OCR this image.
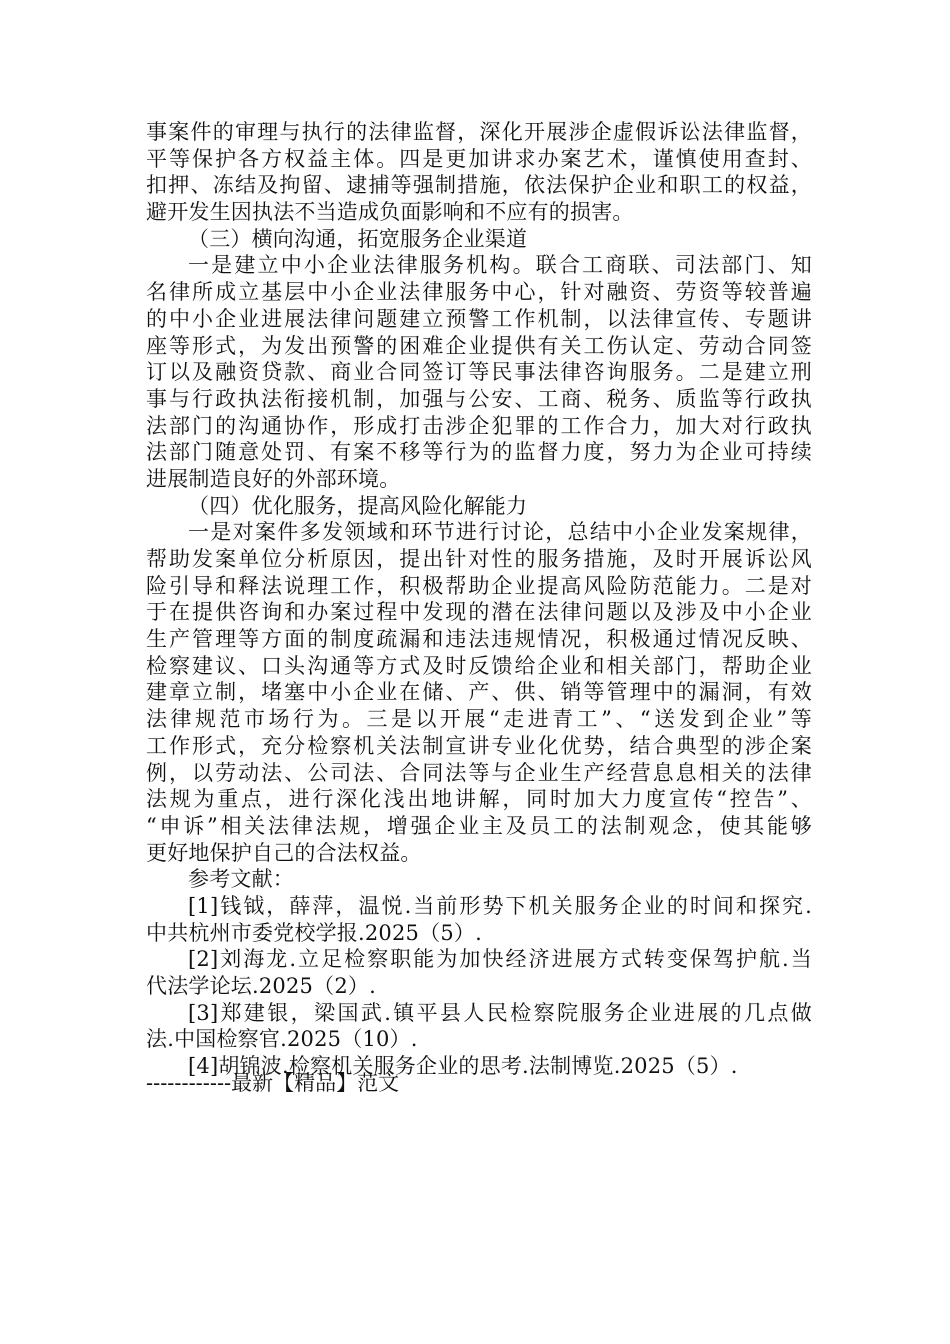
事案件的审理与执行的法律监督，深化开展涉企虚假诉讼法律监督，
平等保护各方权益主体。四是更加讲求办案艺术，谨慎使用查封、
扣押、冻结及拘留、逮捕等强制措施，依法保护企业和职工的权益，
避开发生因执法不当造成负面影响和不应有的损害。
（三）横向沟通，拓宽服务企业渠道
一是建立中小企业法律服务机构。联合工商联、司法部门、知
名律所成立基层中小企业法律服务中心，针对融资、劳资等较普遍
的中小企业进展法律问题建立预警工作机制，以法律宣传、专题讲
座等形式，为发出预警的困难企业提供有关工伤认定、劳动合同签
订以及融资贷款、商业合同签订等民事法律咨询服务。二是建立刑
事与行政执法衔接机制，加强与公安、工商、税务、质监等行政执
法部门的沟通协作，形成打击涉企犯罪的工作合力，加大对行政执
法部门随意处罚、有案不移等行为的监督力度，努力为企业可持续
进展制造良好的外部环境。
（四）优化服务，提高风险化解能力
一是对案件多发领域和环节进行讨论，总结中小企业发案规律，
帮助发案单位分析原因，提出针对性的服务措施，及时开展诉讼风
险引导和释法说理工作，积极帮助企业提高风险防范能力。二是对
于在提供咨询和办案过程中发现的潜在法律问题以及涉及中小企业
生产管理等方面的制度疏漏和违法违规情况，积极通过情况反映、
检察建议、口头沟通等方式及时反馈给企业和相关部门，帮助企业
建章立制，堵塞中小企业在储、产、供、销等管理中的漏洞，有效
法律规范市场行为。三是以开展“走进青工”、“送发到企业”等
工作形式，充分检察机关法制宣讲专业化优势，结合典型的涉企案
例，以劳动法、公司法、合同法等与企业生产经营息息相关的法律
法规为重点，进行深化浅出地讲解，同时加大力度宣传“控告”、
“申诉”相关法律法规，增强企业主及员工的法制观念，使其能够
更好地保护自己的合法权益。
参考文献：
[1]钱钺，薛萍，温悦.当前形势下机关服务企业的时间和探究.
中共杭州市委党校学报.2025（5）.
[2]刘海龙.立足检察职能为加快经济进展方式转变保驾护航.当
代法学论坛.2025（2）.
[3]郑建银，梁国武.镇平县人民检察院服务企业进展的几点做
法.中国检察官.2025（10）.
[4]胡锦波.检察机关服务企业的思考.法制博览.2025（5）.
------------最新【精品】范文
